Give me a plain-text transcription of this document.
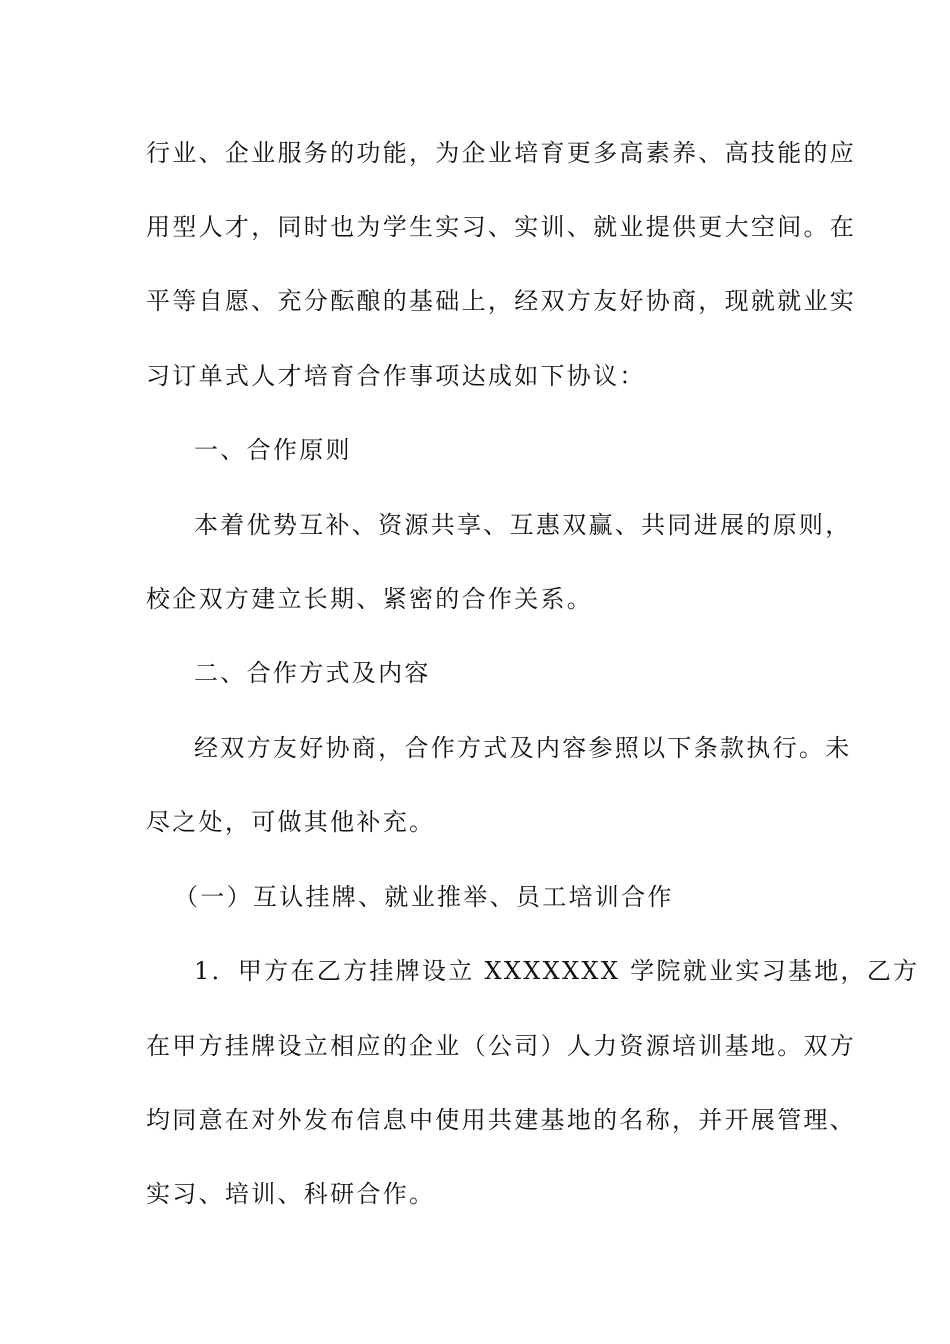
行业、企业服务的功能，为企业培育更多高素养、高技能的应
用型人才，同时也为学生实习、实训、就业提供更大空间。在
平等自愿、充分酝酿的基础上，经双方友好协商，现就就业实
习订单式人才培育合作事项达成如下协议：
一、合作原则
本着优势互补、资源共享、互惠双赢、共同进展的原则，
校企双方建立长期、紧密的合作关系。
二、合作方式及内容
经双方友好协商，合作方式及内容参照以下条款执行。未
尽之处，可做其他补充。
（一）互认挂牌、就业推举、员工培训合作
1．甲方在乙方挂牌设立 XXXXXXX 学院就业实习基地，乙方
在甲方挂牌设立相应的企业（公司）人力资源培训基地。双方
均同意在对外发布信息中使用共建基地的名称，并开展管理、
实习、培训、科研合作。
